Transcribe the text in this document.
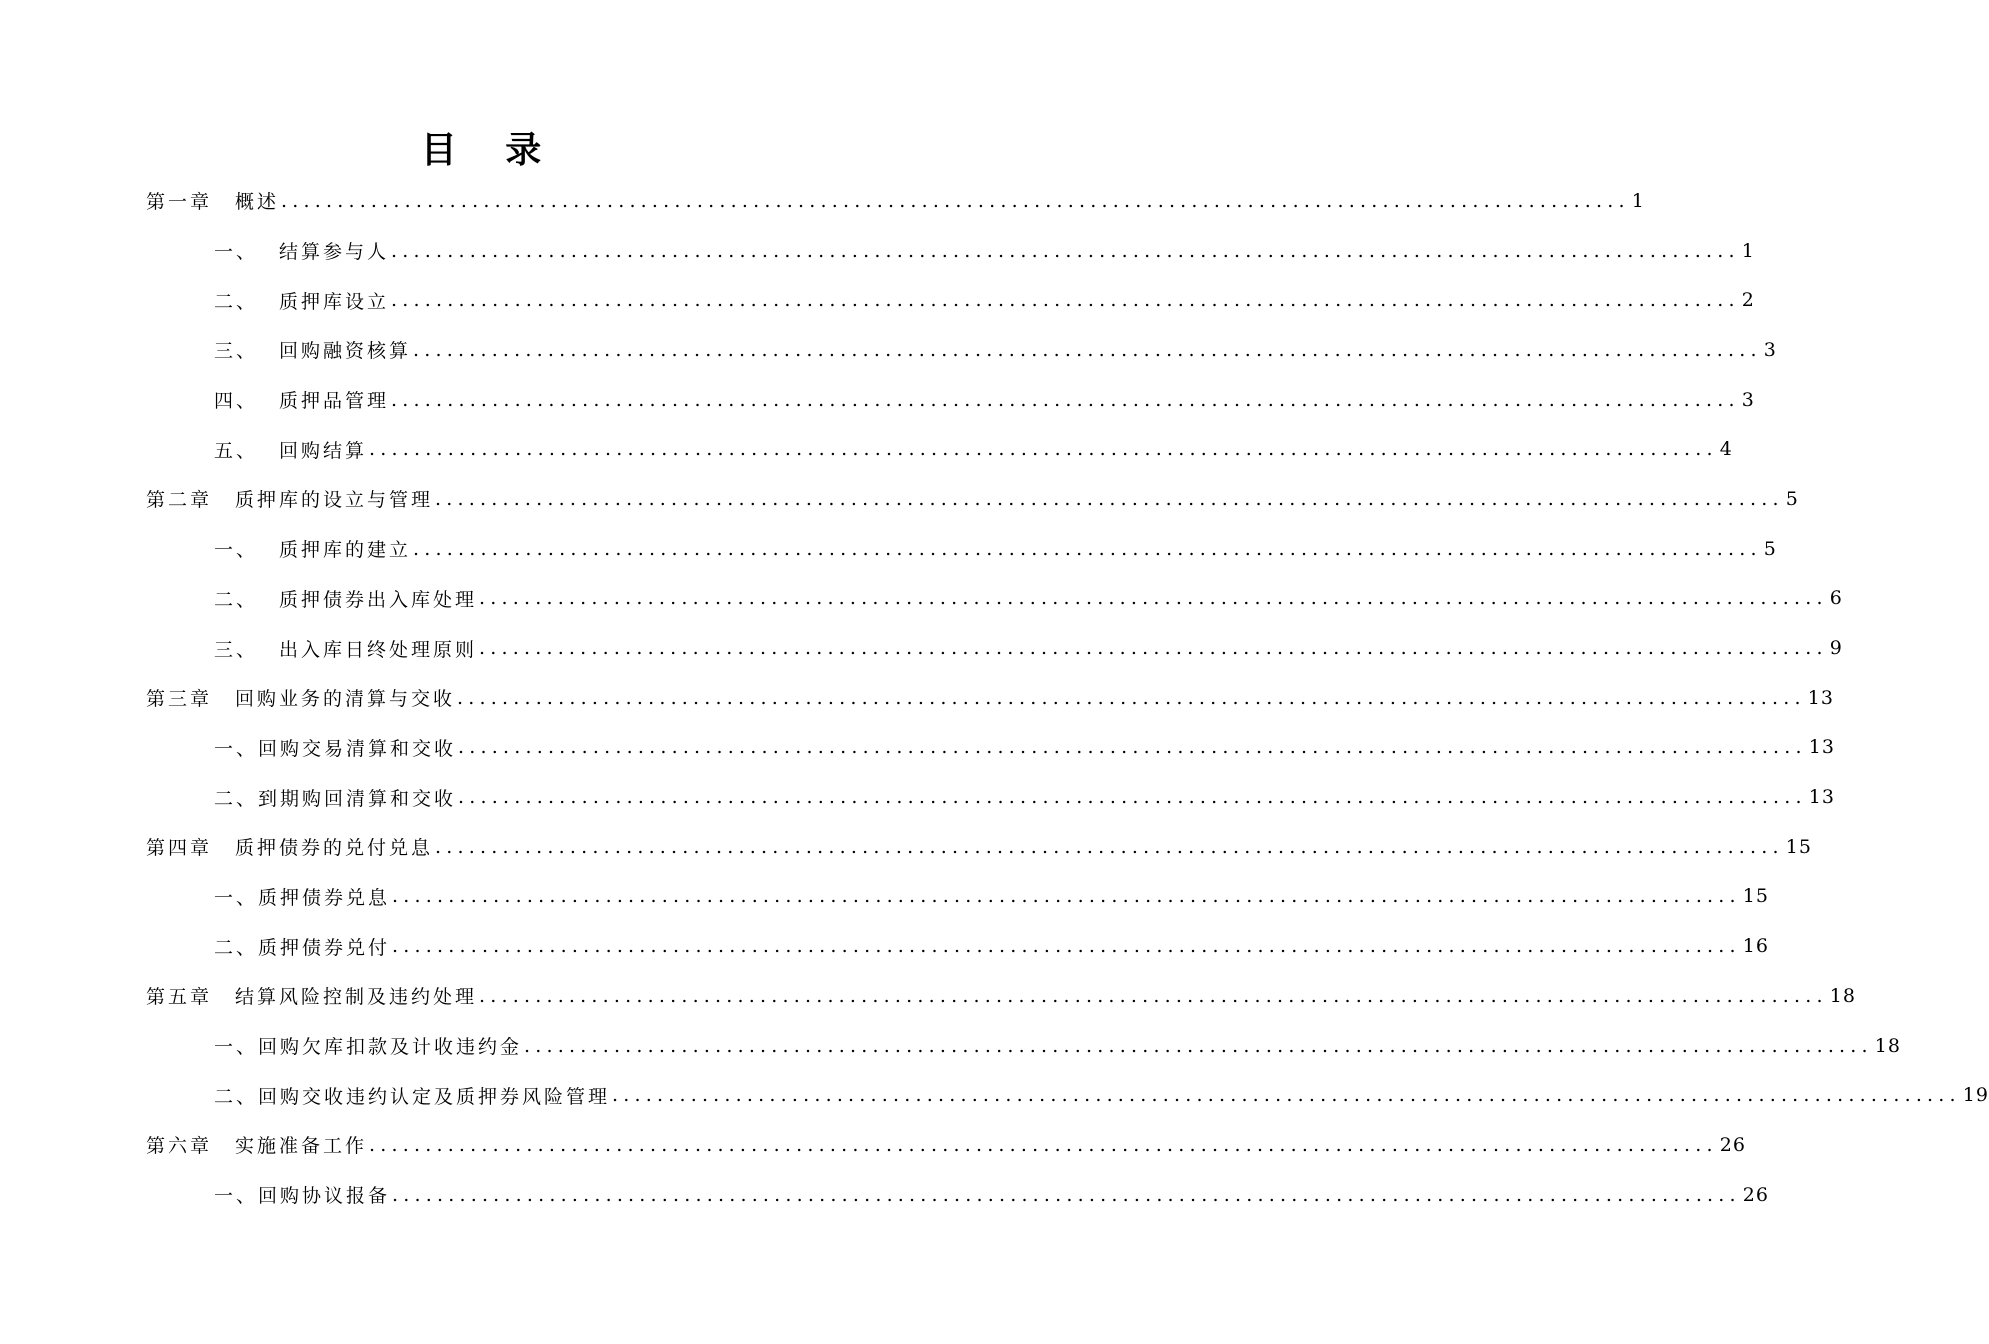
目 录
第一章 概述 ........................................................................................................................ 1
一、 结算参与人 ........................................................................................................................ 1
二、 质押库设立 ........................................................................................................................ 2
三、 回购融资核算 ........................................................................................................................ 3
四、 质押品管理 ........................................................................................................................ 3
五、 回购结算 ........................................................................................................................ 4
第二章 质押库的设立与管理 ........................................................................................................................ 5
一、 质押库的建立 ........................................................................................................................ 5
二、 质押债券出入库处理 ........................................................................................................................ 6
三、 出入库日终处理原则 ........................................................................................................................ 9
第三章 回购业务的清算与交收 ........................................................................................................................ 13
一、回购交易清算和交收 ........................................................................................................................ 13
二、到期购回清算和交收 ........................................................................................................................ 13
第四章 质押债券的兑付兑息 ........................................................................................................................ 15
一、质押债券兑息 ........................................................................................................................ 15
二、质押债券兑付 ........................................................................................................................ 16
第五章 结算风险控制及违约处理 ........................................................................................................................ 18
一、回购欠库扣款及计收违约金 ........................................................................................................................ 18
二、回购交收违约认定及质押券风险管理 ........................................................................................................................ 19
第六章 实施准备工作 ........................................................................................................................ 26
一、回购协议报备 ........................................................................................................................ 26
